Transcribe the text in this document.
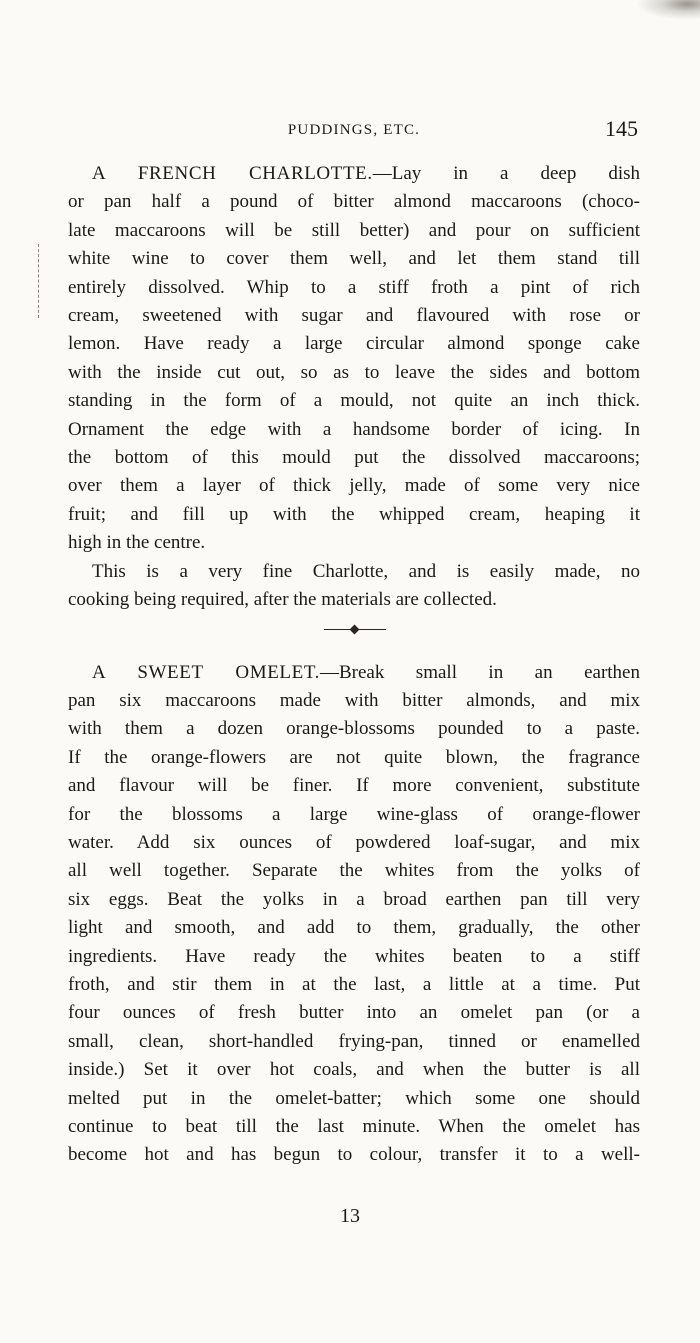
PUDDINGS, ETC.	145

A FRENCH CHARLOTTE.—Lay in a deep dish
or pan half a pound of bitter almond maccaroons (choco-
late maccaroons will be still better) and pour on sufficient
white wine to cover them well, and let them stand till
entirely dissolved. Whip to a stiff froth a pint of rich
cream, sweetened with sugar and flavoured with rose or
lemon. Have ready a large circular almond sponge cake
with the inside cut out, so as to leave the sides and bottom
standing in the form of a mould, not quite an inch thick.
Ornament the edge with a handsome border of icing. In
the bottom of this mould put the dissolved maccaroons;
over them a layer of thick jelly, made of some very nice
fruit; and fill up with the whipped cream, heaping it
high in the centre.

This is a very fine Charlotte, and is easily made, no
cooking being required, after the materials are collected.

A SWEET OMELET.—Break small in an earthen
pan six maccaroons made with bitter almonds, and mix
with them a dozen orange-blossoms pounded to a paste.
If the orange-flowers are not quite blown, the fragrance
and flavour will be finer. If more convenient, substitute
for the blossoms a large wine-glass of orange-flower
water. Add six ounces of powdered loaf-sugar, and mix
all well together. Separate the whites from the yolks of
six eggs. Beat the yolks in a broad earthen pan till very
light and smooth, and add to them, gradually, the other
ingredients. Have ready the whites beaten to a stiff
froth, and stir them in at the last, a little at a time. Put
four ounces of fresh butter into an omelet pan (or a
small, clean, short-handled frying-pan, tinned or enamelled
inside.) Set it over hot coals, and when the butter is all
melted put in the omelet-batter; which some one should
continue to beat till the last minute. When the omelet has
become hot and has begun to colour, transfer it to a well-

13
